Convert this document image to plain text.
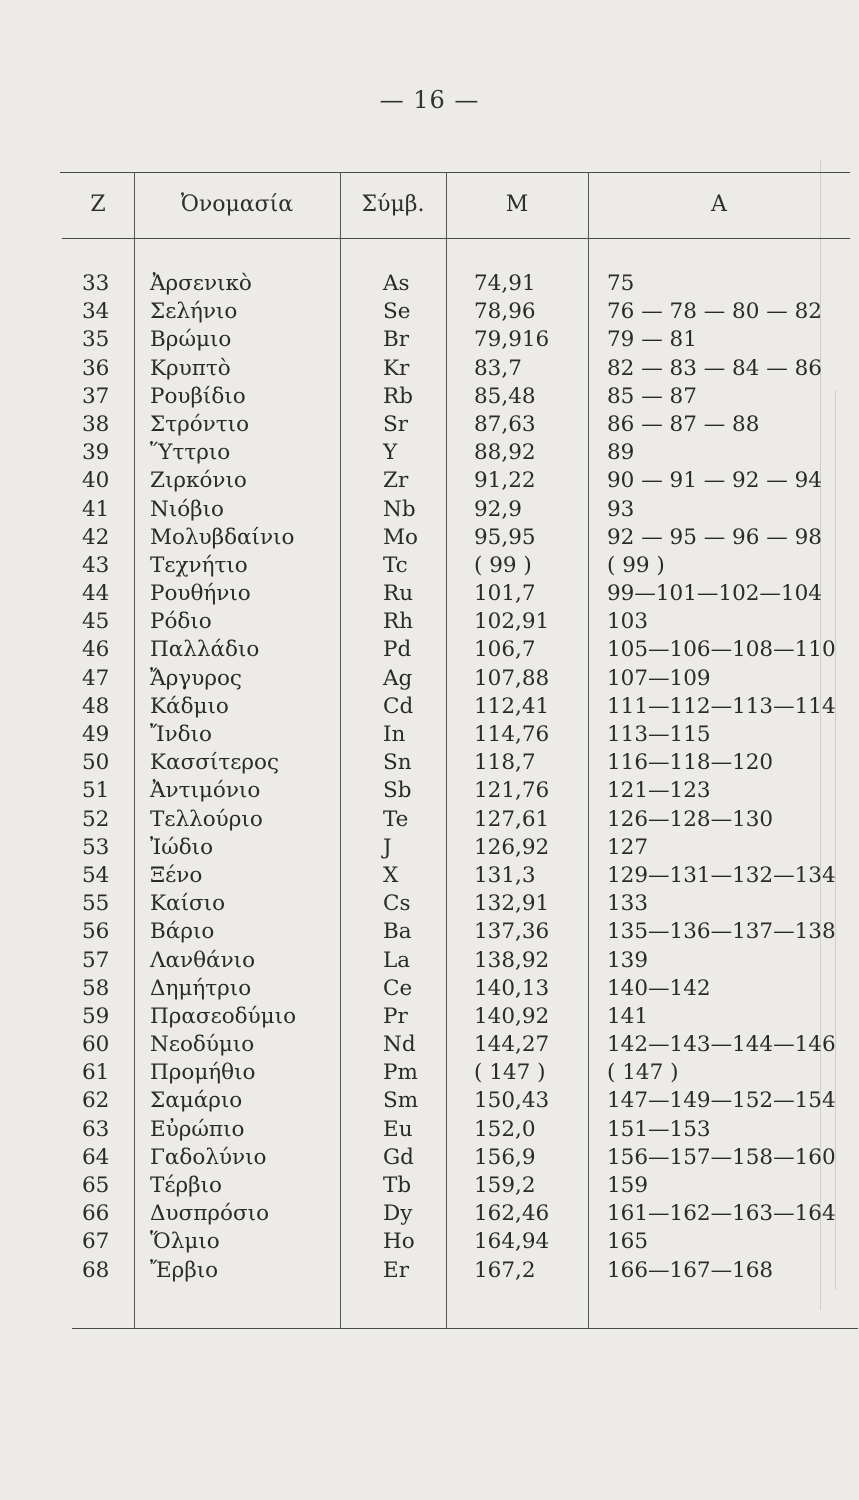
— 16 —
Z	Ὀνομασία	Σύμβ.	M	A
33	Ἀρσενικὸ	As	74,91	75
34	Σελήνιο	Se	78,96	76 — 78 — 80 — 82
35	Βρώμιο	Br	79,916	79 — 81
36	Κρυπτὸ	Kr	83,7	82 — 83 — 84 — 86
37	Ρουβίδιο	Rb	85,48	85 — 87
38	Στρόντιο	Sr	87,63	86 — 87 — 88
39	Ὕττριο	Y	88,92	89
40	Ζιρκόνιο	Zr	91,22	90 — 91 — 92 — 94
41	Νιόβιο	Nb	92,9	93
42	Μολυβδαίνιο	Mo	95,95	92 — 95 — 96 — 98
43	Τεχνήτιο	Tc	( 99 )	( 99 )
44	Ρουθήνιο	Ru	101,7	99—101—102—104
45	Ρόδιο	Rh	102,91	103
46	Παλλάδιο	Pd	106,7	105—106—108—110
47	Ἄργυρος	Ag	107,88	107—109
48	Κάδμιο	Cd	112,41	111—112—113—114
49	Ἴνδιο	In	114,76	113—115
50	Κασσίτερος	Sn	118,7	116—118—120
51	Ἀντιμόνιο	Sb	121,76	121—123
52	Τελλούριο	Te	127,61	126—128—130
53	Ἰώδιο	J	126,92	127
54	Ξένο	X	131,3	129—131—132—134
55	Καίσιο	Cs	132,91	133
56	Βάριο	Ba	137,36	135—136—137—138
57	Λανθάνιο	La	138,92	139
58	Δημήτριο	Ce	140,13	140—142
59	Πρασεοδύμιο	Pr	140,92	141
60	Νεοδύμιο	Nd	144,27	142—143—144—146
61	Προμήθιο	Pm	( 147 )	( 147 )
62	Σαμάριο	Sm	150,43	147—149—152—154
63	Εὐρώπιο	Eu	152,0	151—153
64	Γαδολύνιο	Gd	156,9	156—157—158—160
65	Τέρβιο	Tb	159,2	159
66	Δυσπρόσιο	Dy	162,46	161—162—163—164
67	Ὅλμιο	Ho	164,94	165
68	Ἔρβιο	Er	167,2	166—167—168
